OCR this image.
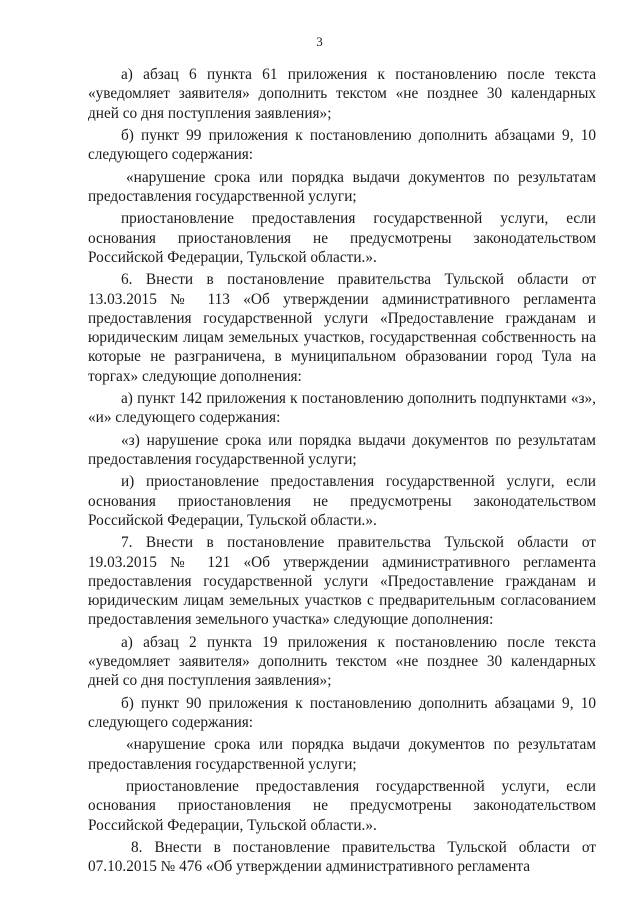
3

а) абзац 6 пункта 61 приложения к постановлению после текста «уведомляет заявителя» дополнить текстом «не позднее 30 календарных дней со дня поступления заявления»;

б) пункт 99 приложения к постановлению дополнить абзацами 9, 10 следующего содержания:

«нарушение срока или порядка выдачи документов по результатам предоставления государственной услуги;

приостановление предоставления государственной услуги, если основания приостановления не предусмотрены законодательством Российской Федерации, Тульской области.».

6. Внести в постановление правительства Тульской области от 13.03.2015 № 113 «Об утверждении административного регламента предоставления государственной услуги «Предоставление гражданам и юридическим лицам земельных участков, государственная собственность на которые не разграничена, в муниципальном образовании город Тула на торгах» следующие дополнения:

а) пункт 142 приложения к постановлению дополнить подпунктами «з», «и» следующего содержания:

«з) нарушение срока или порядка выдачи документов по результатам предоставления государственной услуги;

и) приостановление предоставления государственной услуги, если основания приостановления не предусмотрены законодательством Российской Федерации, Тульской области.».

7. Внести в постановление правительства Тульской области от 19.03.2015 № 121 «Об утверждении административного регламента предоставления государственной услуги «Предоставление гражданам и юридическим лицам земельных участков с предварительным согласованием предоставления земельного участка» следующие дополнения:

а) абзац 2 пункта 19 приложения к постановлению после текста «уведомляет заявителя» дополнить текстом «не позднее 30 календарных дней со дня поступления заявления»;

б) пункт 90 приложения к постановлению дополнить абзацами 9, 10 следующего содержания:

«нарушение срока или порядка выдачи документов по результатам предоставления государственной услуги;

приостановление предоставления государственной услуги, если основания приостановления не предусмотрены законодательством Российской Федерации, Тульской области.».

8. Внести в постановление правительства Тульской области от 07.10.2015 № 476 «Об утверждении административного регламента
